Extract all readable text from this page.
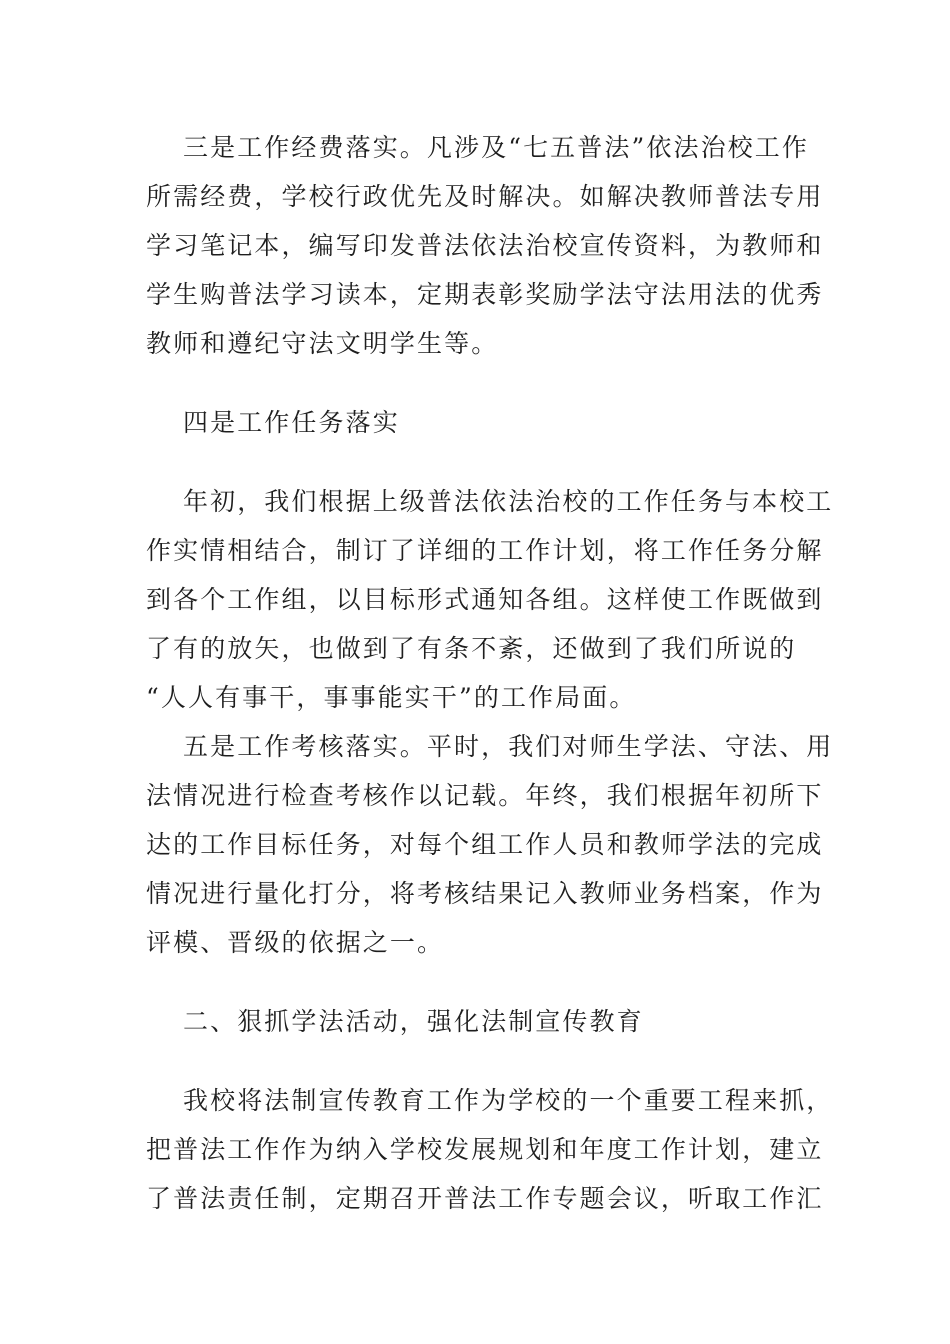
三是工作经费落实。凡涉及“七五普法”依法治校工作
所需经费，学校行政优先及时解决。如解决教师普法专用
学习笔记本，编写印发普法依法治校宣传资料，为教师和
学生购普法学习读本，定期表彰奖励学法守法用法的优秀
教师和遵纪守法文明学生等。
四是工作任务落实
年初，我们根据上级普法依法治校的工作任务与本校工
作实情相结合，制订了详细的工作计划，将工作任务分解
到各个工作组，以目标形式通知各组。这样使工作既做到
了有的放矢，也做到了有条不紊，还做到了我们所说的
“人人有事干，事事能实干”的工作局面。
五是工作考核落实。平时，我们对师生学法、守法、用
法情况进行检查考核作以记载。年终，我们根据年初所下
达的工作目标任务，对每个组工作人员和教师学法的完成
情况进行量化打分，将考核结果记入教师业务档案，作为
评模、晋级的依据之一。
二、狠抓学法活动，强化法制宣传教育
我校将法制宣传教育工作为学校的一个重要工程来抓，
把普法工作作为纳入学校发展规划和年度工作计划，建立
了普法责任制，定期召开普法工作专题会议，听取工作汇
